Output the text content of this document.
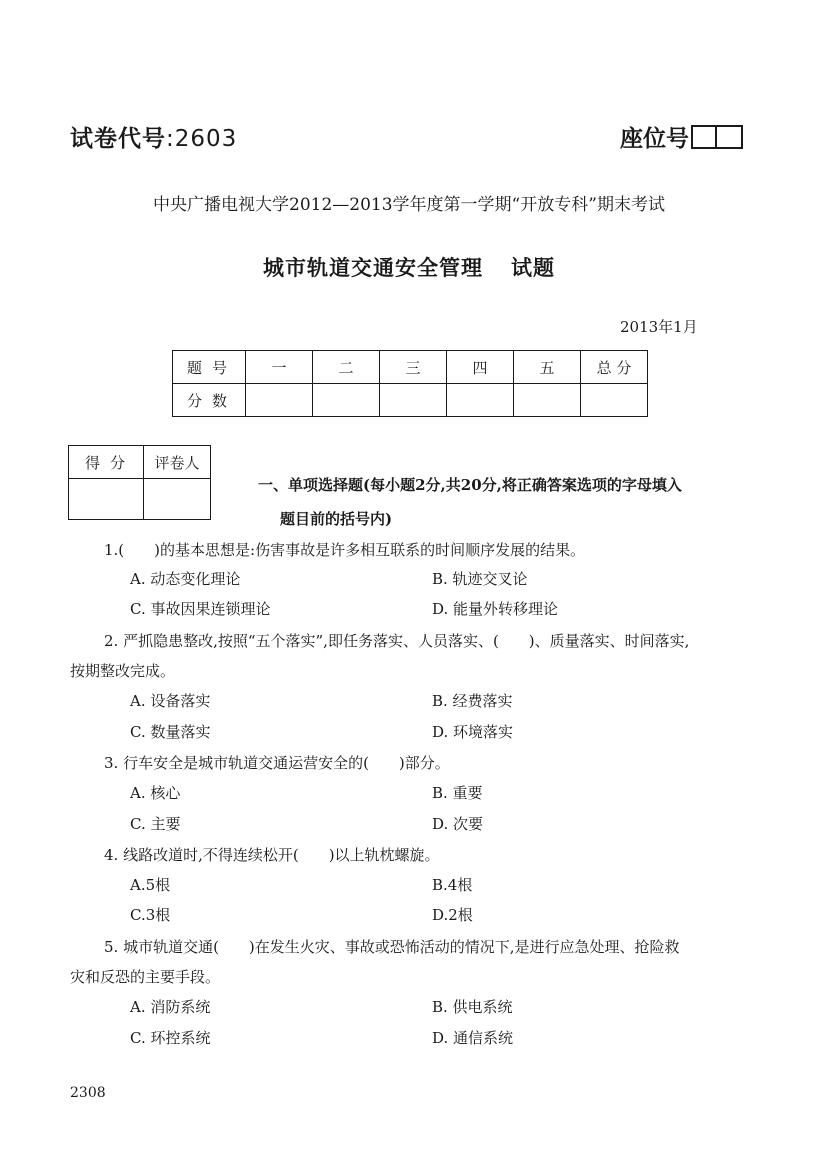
试卷代号:2603	座位号
中央广播电视大学2012—2013学年度第一学期“开放专科”期末考试
城市轨道交通安全管理 试题
2013年1月
题号	一	二	三	四	五	总 分
分数						
得分	评卷人

一、单项选择题(每小题2分,共20分,将正确答案选项的字母填入
题目前的括号内)
1.(　　)的基本思想是:伤害事故是许多相互联系的时间顺序发展的结果。
A. 动态变化理论	B. 轨迹交叉论
C. 事故因果连锁理论	D. 能量外转移理论
2. 严抓隐患整改,按照“五个落实”,即任务落实、人员落实、(　　)、质量落实、时间落实,
按期整改完成。
A. 设备落实	B. 经费落实
C. 数量落实	D. 环境落实
3. 行车安全是城市轨道交通运营安全的(　　)部分。
A. 核心	B. 重要
C. 主要	D. 次要
4. 线路改道时,不得连续松开(　　)以上轨枕螺旋。
A.5根	B.4根
C.3根	D.2根
5. 城市轨道交通(　　)在发生火灾、事故或恐怖活动的情况下,是进行应急处理、抢险救
灾和反恐的主要手段。
A. 消防系统	B. 供电系统
C. 环控系统	D. 通信系统
2308
